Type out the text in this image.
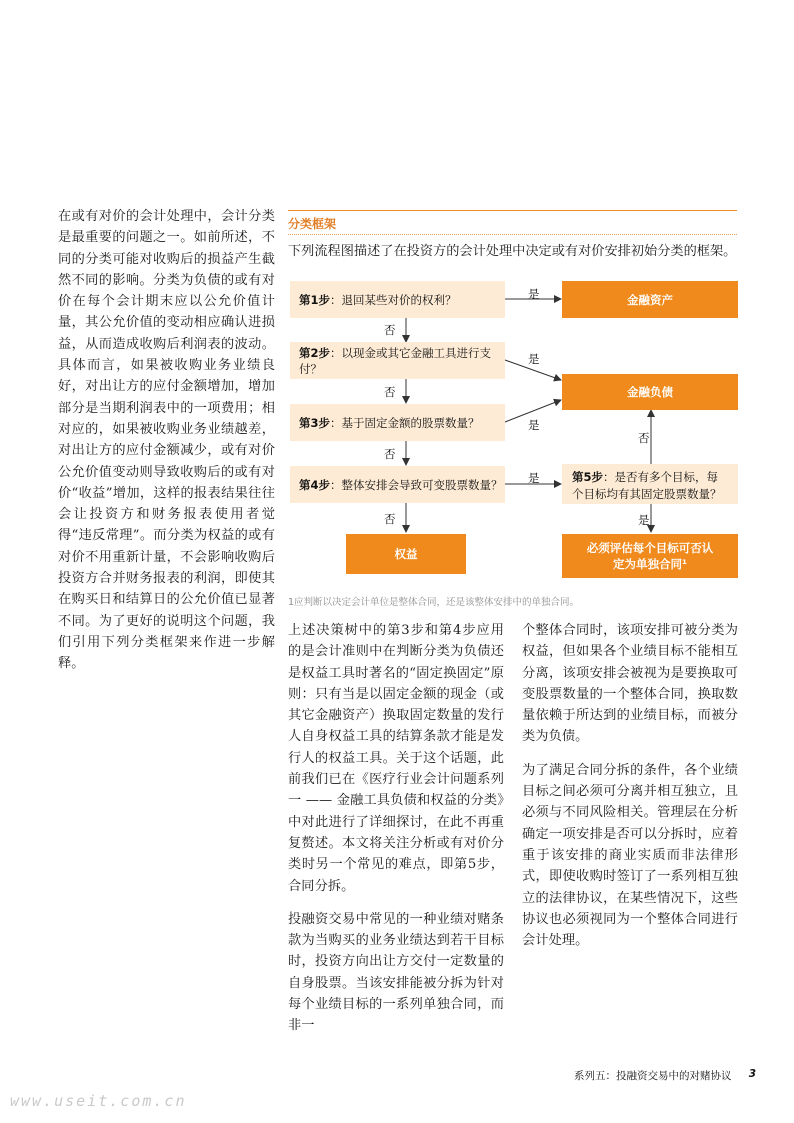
在或有对价的会计处理中，会计分类是最重要的问题之一。如前所述，不同的分类可能对收购后的损益产生截然不同的影响。分类为负债的或有对价在每个会计期末应以公允价值计量，其公允价值的变动相应确认进损益，从而造成收购后利润表的波动。具体而言，如果被收购业务业绩良好，对出让方的应付金额增加，增加部分是当期利润表中的一项费用；相对应的，如果被收购业务业绩越差，对出让方的应付金额减少，或有对价公允价值变动则导致收购后的或有对价“收益”增加，这样的报表结果往往会让投资方和财务报表使用者觉得“违反常理”。而分类为权益的或有对价不用重新计量，不会影响收购后投资方合并财务报表的利润，即使其在购买日和结算日的公允价值已显著不同。为了更好的说明这个问题，我们引用下列分类框架来作进一步解释。
分类框架
下列流程图描述了在投资方的会计处理中决定或有对价安排初始分类的框架。
第1步：退回某些对价的权利？
第2步：以现金或其它金融工具进行支付？
第3步：基于固定金额的股票数量？
第4步：整体安排会导致可变股票数量？
金融资产
金融负债
第5步：是否有多个目标，每个目标均有其固定股票数量？
权益	必须评估每个目标可否认定为单独合同¹
是
否
是
否
是
否
是
否
否
是
1应判断以决定会计单位是整体合同，还是该整体安排中的单独合同。

上述决策树中的第3步和第4步应用的是会计准则中在判断分类为负债还是权益工具时著名的“固定换固定”原则：只有当是以固定金额的现金（或其它金融资产）换取固定数量的发行人自身权益工具的结算条款才能是发行人的权益工具。关于这个话题，此前我们已在《医疗行业会计问题系列一 —— 金融工具负债和权益的分类》中对此进行了详细探讨，在此不再重复赘述。本文将关注分析或有对价分类时另一个常见的难点，即第5步，合同分拆。

投融资交易中常见的一种业绩对赌条款为当购买的业务业绩达到若干目标时，投资方向出让方交付一定数量的自身股票。当该安排能被分拆为针对每个业绩目标的一系列单独合同，而非一

个整体合同时，该项安排可被分类为权益，但如果各个业绩目标不能相互分离，该项安排会被视为是要换取可变股票数量的一个整体合同，换取数量依赖于所达到的业绩目标，而被分类为负债。

为了满足合同分拆的条件，各个业绩目标之间必须可分离并相互独立，且必须与不同风险相关。管理层在分析确定一项安排是否可以分拆时，应着重于该安排的商业实质而非法律形式，即使收购时签订了一系列相互独立的法律协议，在某些情况下，这些协议也必须视同为一个整体合同进行会计处理。

系列五：投融资交易中的对赌协议 3
www.useit.com.cn
